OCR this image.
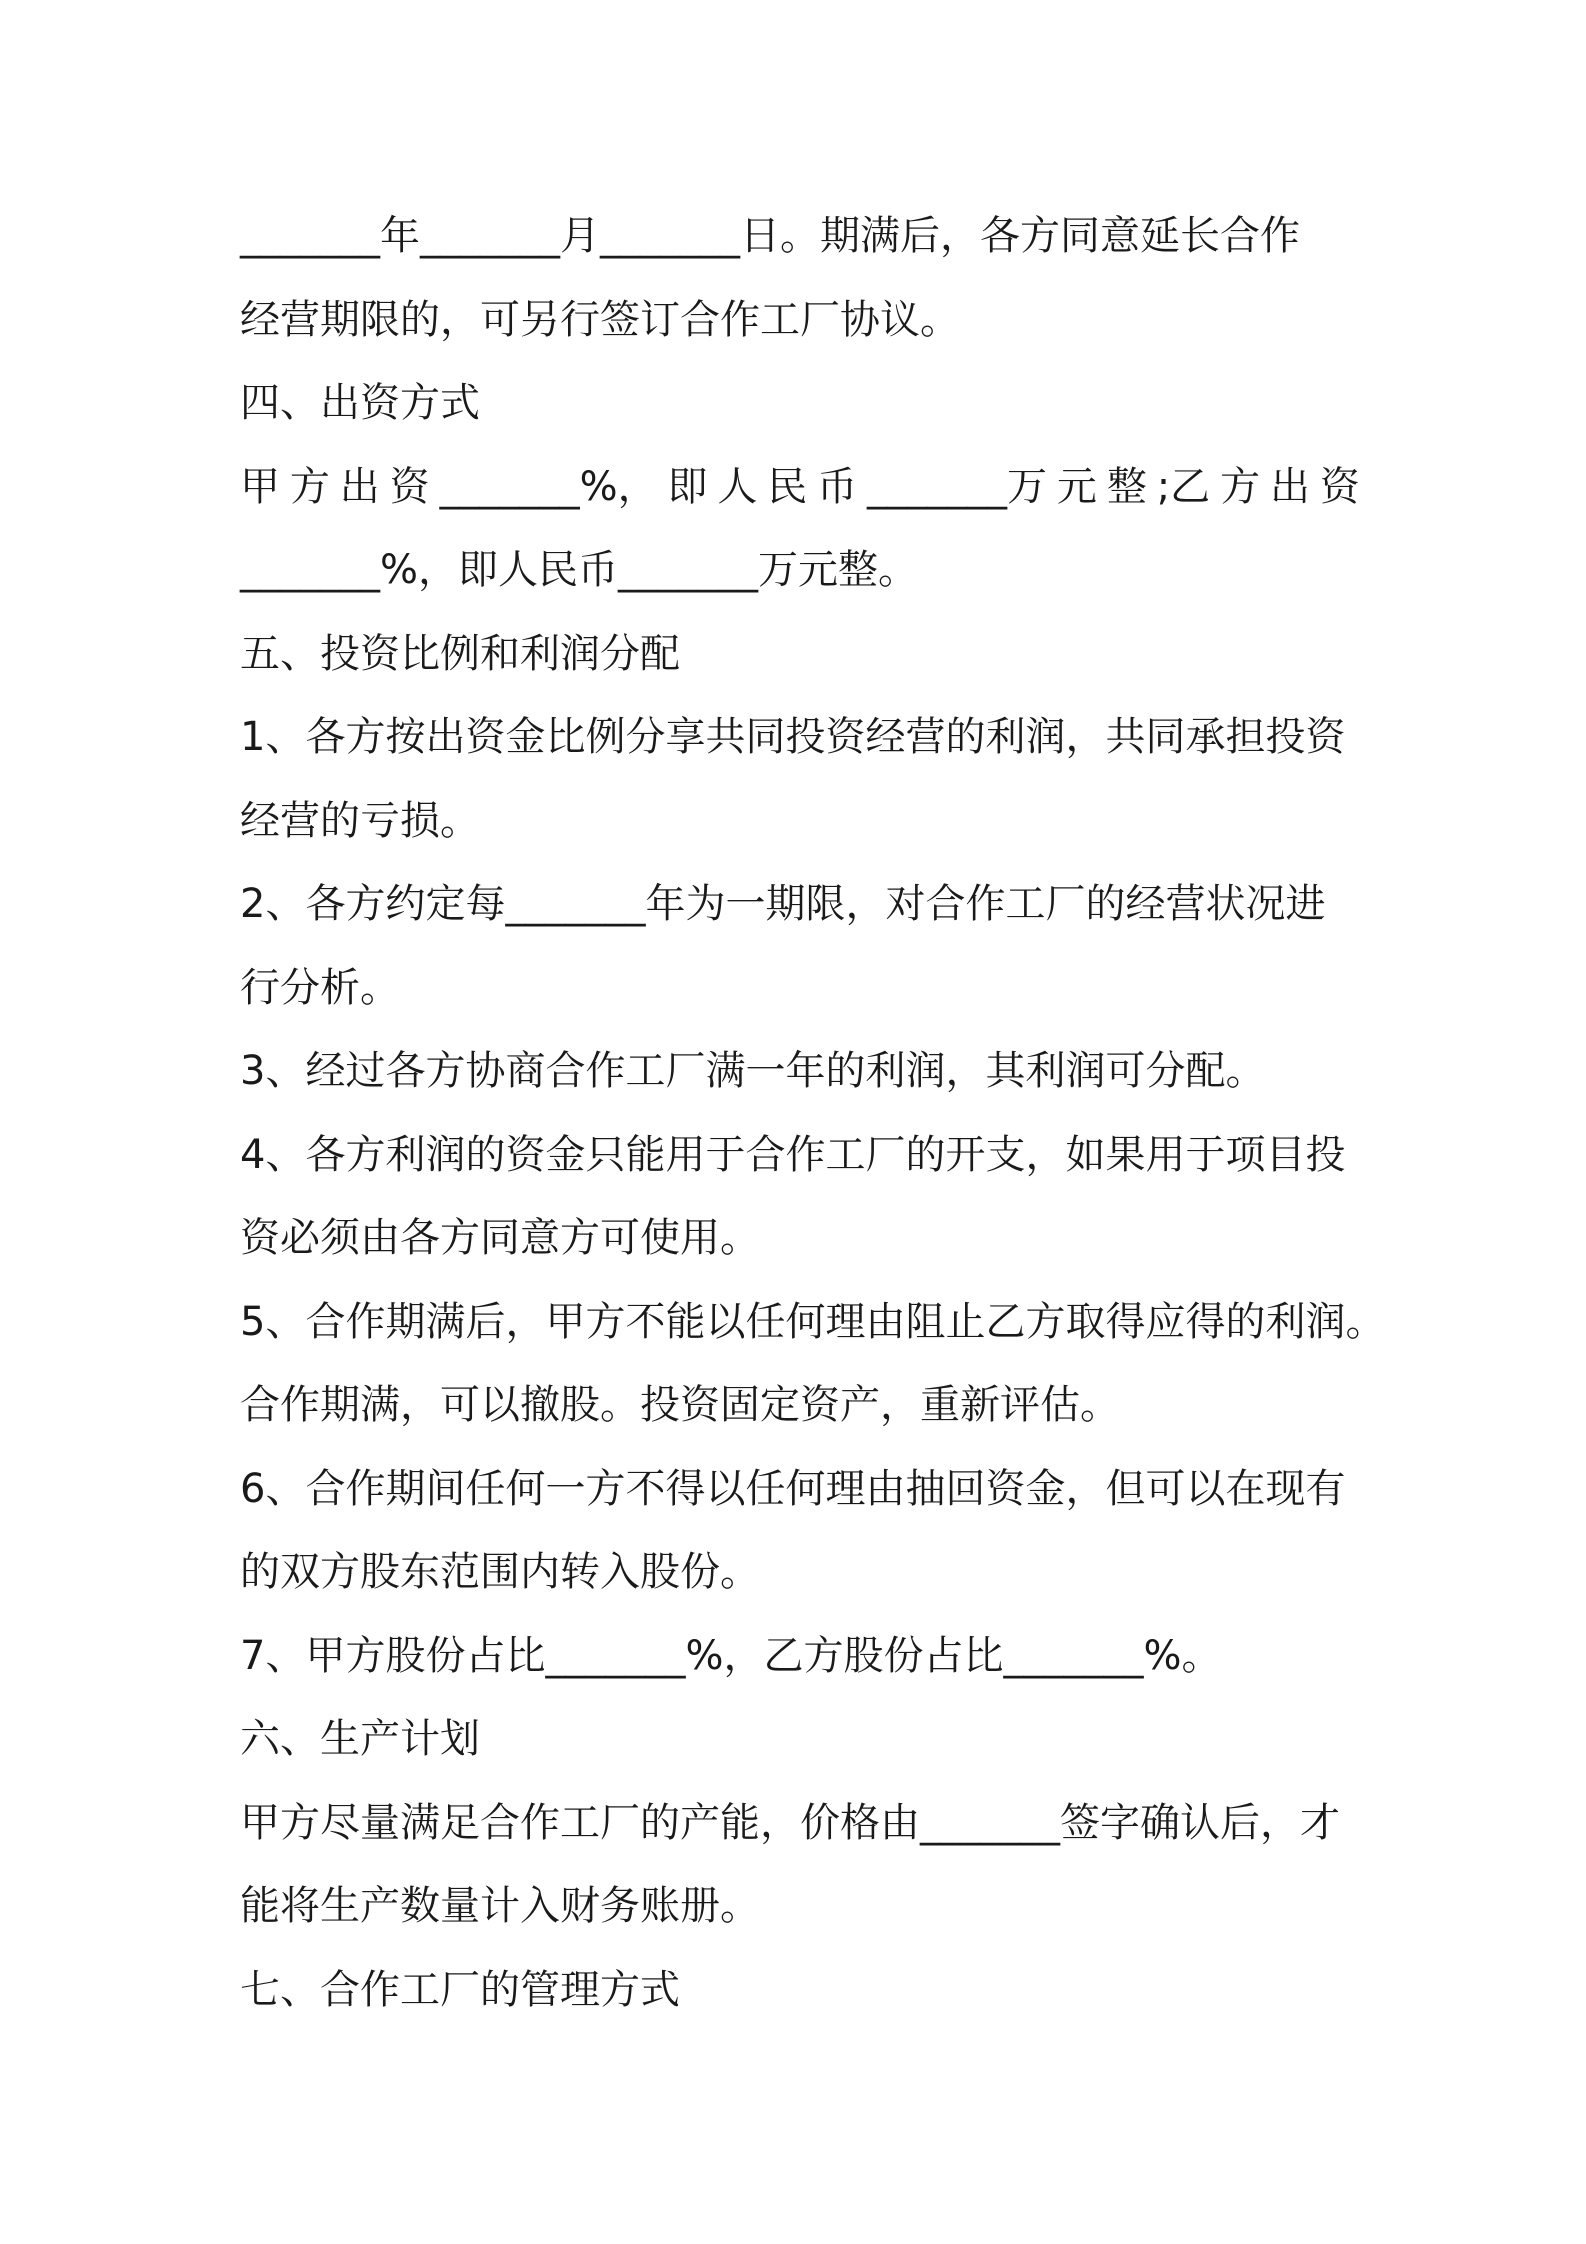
_______年_______月_______日。期满后，各方同意延长合作

经营期限的，可另行签订合作工厂协议。

四、出资方式

甲 方 出 资 _______%， 即 人 民 币 _______万 元 整 ;乙 方 出 资

_______%，即人民币_______万元整。

五、投资比例和利润分配

1、各方按出资金比例分享共同投资经营的利润，共同承担投资

经营的亏损。

2、各方约定每_______年为一期限，对合作工厂的经营状况进

行分析。

3、经过各方协商合作工厂满一年的利润，其利润可分配。

4、各方利润的资金只能用于合作工厂的开支，如果用于项目投

资必须由各方同意方可使用。

5、合作期满后，甲方不能以任何理由阻止乙方取得应得的利润。

合作期满，可以撤股。投资固定资产，重新评估。

6、合作期间任何一方不得以任何理由抽回资金，但可以在现有

的双方股东范围内转入股份。

7、甲方股份占比_______%，乙方股份占比_______%。

六、生产计划

甲方尽量满足合作工厂的产能，价格由_______签字确认后，才

能将生产数量计入财务账册。

七、合作工厂的管理方式
